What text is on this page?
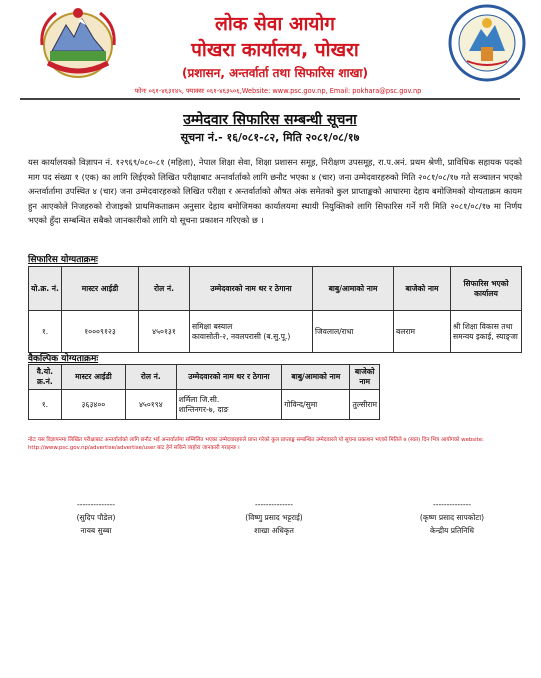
लोक सेवा आयोग
पोखरा कार्यालय, पोखरा
(प्रशासन, अन्तर्वार्ता तथा सिफारिस शाखा)
फोनः ०६१-४६३१४५, फ्याक्सः ०६१-४६३५०६,Website: www.psc.gov.np, Email: pokhara@psc.gov.np
उम्मेदवार सिफारिस सम्बन्धी सूचना
सूचना नं.- १६/०८१-८२, मिति २०८१/०८/१७
यस कार्यालयको विज्ञापन नं. १२९६९/०८०-८१ (महिला), नेपाल शिक्षा सेवा, शिक्षा प्रशासन समूह, निरीक्षण उपसमूह, रा.प.अनं. प्रथम श्रेणी, प्राविधिक सहायक पदको माग पद संख्या १ (एक) का लागि लिईएको लिखित परीक्षाबाट अन्तर्वार्ताको लागि छनौट भएका ४ (चार) जना उम्मेदवारहरुको मिति २०८१/०८/१७ गते सञ्चालन भएको अन्तर्वार्तामा उपस्थित ४ (चार) जना उम्मेदवारहरुको लिखित परीक्षा र अन्तर्वार्ताको औषत अंक समेतको कुल प्राप्ताङ्कको आधारमा देहाय बमोजिमको योग्यताक्रम कायम हुन आएकोले निजहरुको रोजाइको प्राथमिकताक्रम अनुसार देहाय बमोजिमका कार्यालयमा स्थायी नियुक्तिको लागि सिफारिस गर्ने गरी मिति २०८१/०८/१७ मा निर्णय भएको हुँदा सम्बन्धित सबैको जानकारीको लागि यो सूचना प्रकाशन गरिएको छ ।
सिफारिस योग्यताक्रमः
यो.क्र. नं.	मास्टर आईडी	रोल नं.	उम्मेदवारको नाम थर र ठेगाना	बाबु/आमाको नाम	बाजेको नाम	सिफारिस भएको कार्यालय
१.	१०००९१२३	४५०१३१	समिक्षा बस्याल
कावासोती-२, नवलपरासी (ब.सु.पू.)	जिवलाल/राधा	बलराम	श्री शिक्षा विकास तथा समन्वय इकाई, स्याङ्जा
वैकल्पिक योग्यताक्रमः
वै.यो. क्र.नं.	मास्टर आईडी	रोल नं.	उम्मेदवारको नाम थर र ठेगाना	बाबु/आमाको नाम	बाजेको नाम
१.	३६३४००	४५०१९४	शर्मिला जि.सी.
शान्तिनगर-७, दाङ	गोविन्द/सुमा	तुल्सीराम
नोटः यस विज्ञापनमा लिखित परीक्षाबाट अन्तर्वार्ताको लागि छनौट भई अन्तर्वार्तामा सम्मिलित भएका उम्मेदवारहरुले प्राप्त गरेको कुल प्राप्ताङ्क सम्बन्धित उम्मेदवारले यो सूचना प्रकाशन भएको मितिले ७ (सात) दिन भित्र आयोगको website: http://www.psc.gov.np/advertise/advertise/user बाट हेर्न सकिने व्यहोरा जानकारी गराइन्छ ।
--------------
(सुदिप पौडेल)
नायब सुब्बा
--------------
(विष्णु प्रसाद भट्टराई)
शाखा अधिकृत
--------------
(कृष्ण प्रसाद सापकोटा)
केन्द्रीय प्रतिनिधि
